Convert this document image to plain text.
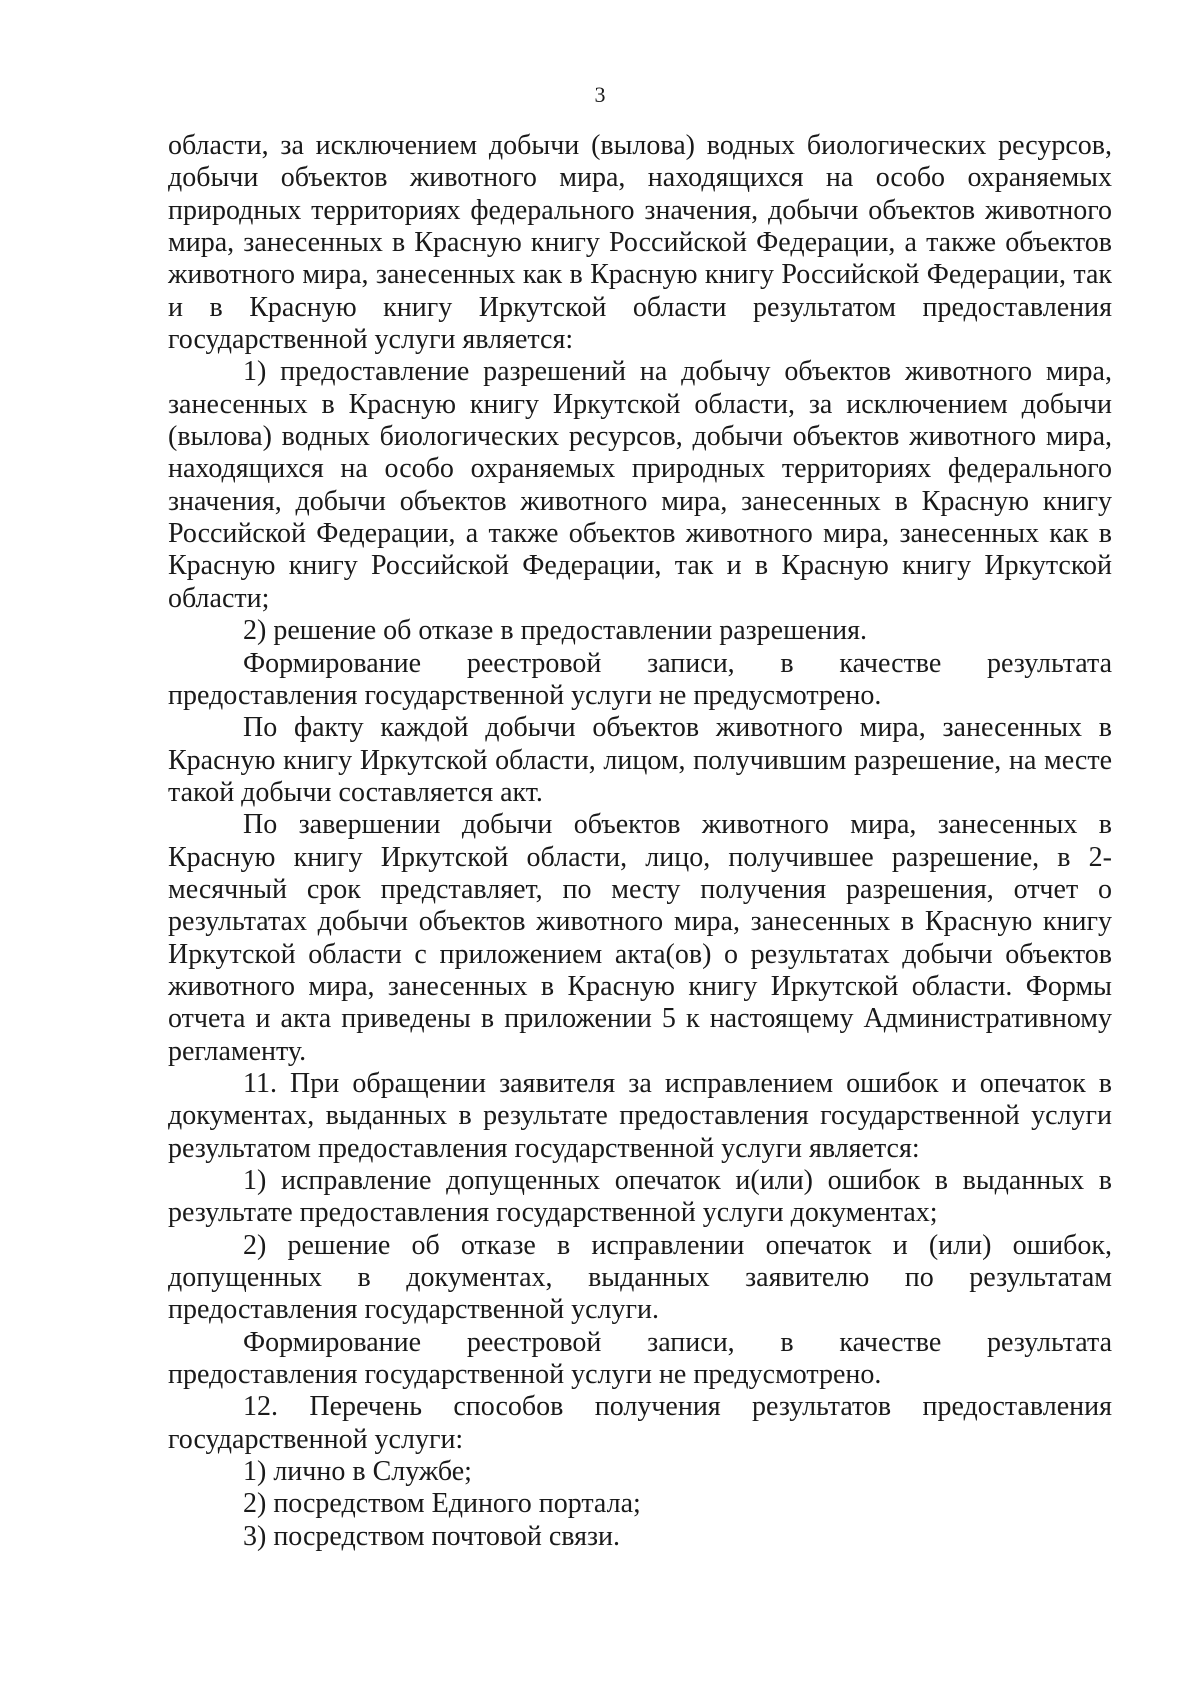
3

области, за исключением добычи (вылова) водных биологических ресурсов, добычи объектов животного мира, находящихся на особо охраняемых природных территориях федерального значения, добычи объектов животного мира, занесенных в Красную книгу Российской Федерации, а также объектов животного мира, занесенных как в Красную книгу Российской Федерации, так и в Красную книгу Иркутской области результатом предоставления государственной услуги является:

1) предоставление разрешений на добычу объектов животного мира, занесенных в Красную книгу Иркутской области, за исключением добычи (вылова) водных биологических ресурсов, добычи объектов животного мира, находящихся на особо охраняемых природных территориях федерального значения, добычи объектов животного мира, занесенных в Красную книгу Российской Федерации, а также объектов животного мира, занесенных как в Красную книгу Российской Федерации, так и в Красную книгу Иркутской области;

2) решение об отказе в предоставлении разрешения.

Формирование реестровой записи, в качестве результата предоставления государственной услуги не предусмотрено.

По факту каждой добычи объектов животного мира, занесенных в Красную книгу Иркутской области, лицом, получившим разрешение, на месте такой добычи составляется акт.

По завершении добычи объектов животного мира, занесенных в Красную книгу Иркутской области, лицо, получившее разрешение, в 2-месячный срок представляет, по месту получения разрешения, отчет о результатах добычи объектов животного мира, занесенных в Красную книгу Иркутской области с приложением акта(ов) о результатах добычи объектов животного мира, занесенных в Красную книгу Иркутской области. Формы отчета и акта приведены в приложении 5 к настоящему Административному регламенту.

11. При обращении заявителя за исправлением ошибок и опечаток в документах, выданных в результате предоставления государственной услуги результатом предоставления государственной услуги является:

1) исправление допущенных опечаток и(или) ошибок в выданных в результате предоставления государственной услуги документах;

2) решение об отказе в исправлении опечаток и (или) ошибок, допущенных в документах, выданных заявителю по результатам предоставления государственной услуги.

Формирование реестровой записи, в качестве результата предоставления государственной услуги не предусмотрено.

12. Перечень способов получения результатов предоставления государственной услуги:

1) лично в Службе;

2) посредством Единого портала;

3) посредством почтовой связи.
